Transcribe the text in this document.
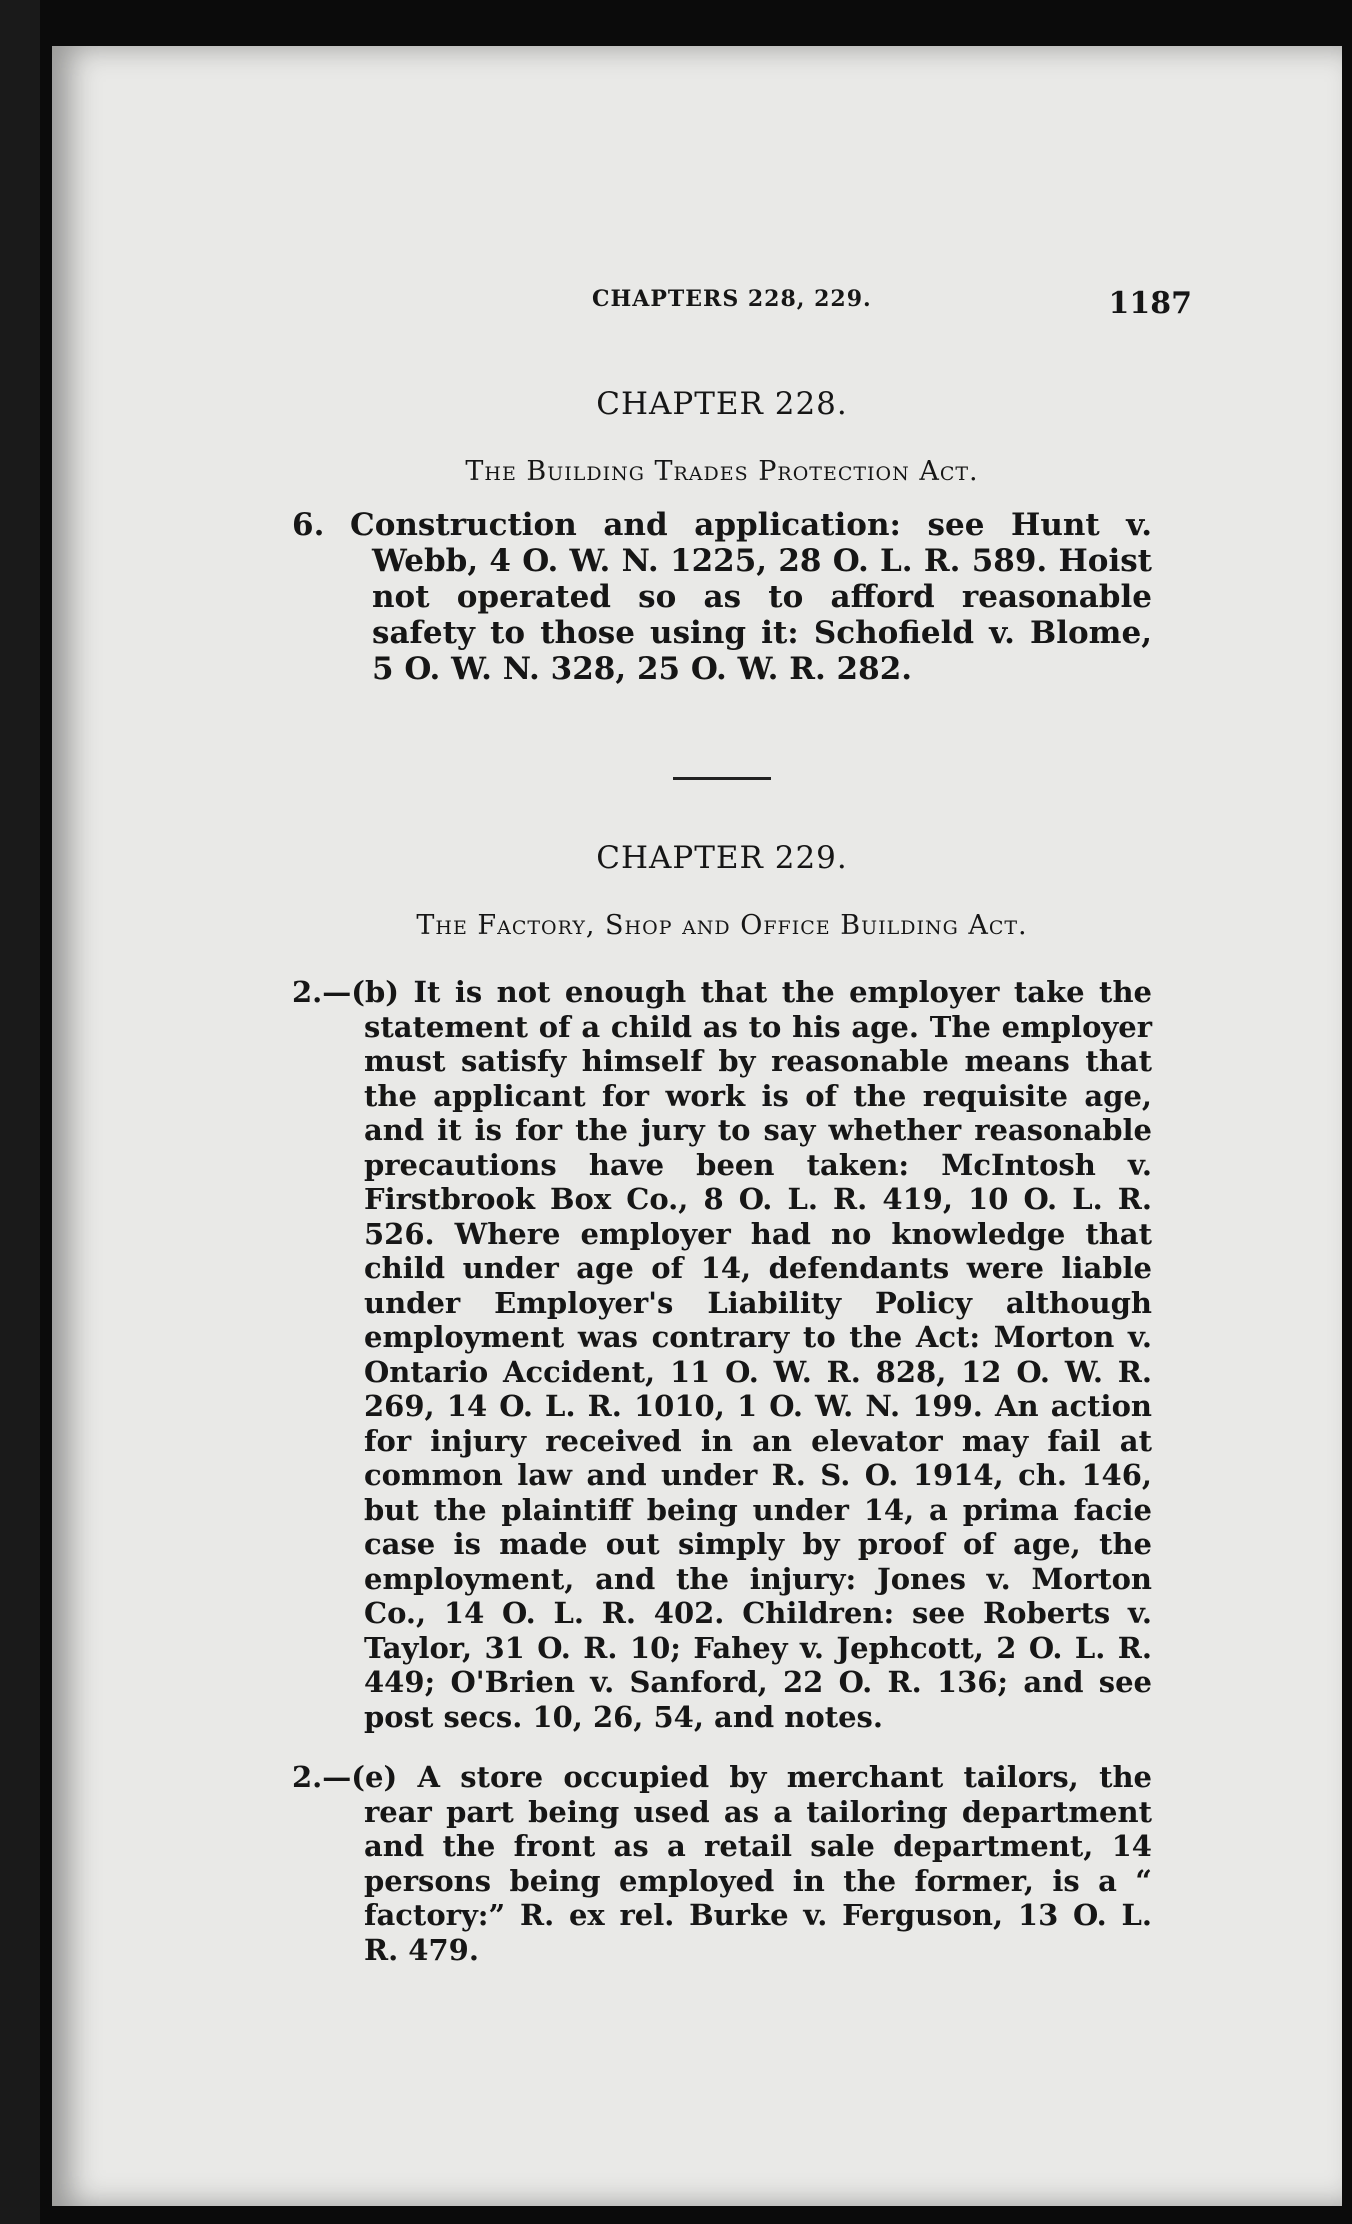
CHAPTERS 228, 229.	1187
CHAPTER 228.
The Building Trades Protection Act.
6. Construction and application: see Hunt v. Webb, 4 O. W. N. 1225, 28 O. L. R. 589. Hoist not operated so as to afford reasonable safety to those using it: Schofield v. Blome, 5 O. W. N. 328, 25 O. W. R. 282.
CHAPTER 229.
The Factory, Shop and Office Building Act.
2.—(b) It is not enough that the employer take the statement of a child as to his age. The employer must satisfy himself by reasonable means that the applicant for work is of the requisite age, and it is for the jury to say whether reasonable precautions have been taken: McIntosh v. Firstbrook Box Co., 8 O. L. R. 419, 10 O. L. R. 526. Where employer had no knowledge that child under age of 14, defendants were liable under Employer's Liability Policy although employment was contrary to the Act: Morton v. Ontario Accident, 11 O. W. R. 828, 12 O. W. R. 269, 14 O. L. R. 1010, 1 O. W. N. 199. An action for injury received in an elevator may fail at common law and under R. S. O. 1914, ch. 146, but the plaintiff being under 14, a prima facie case is made out simply by proof of age, the employment, and the injury: Jones v. Morton Co., 14 O. L. R. 402. Children: see Roberts v. Taylor, 31 O. R. 10; Fahey v. Jephcott, 2 O. L. R. 449; O'Brien v. Sanford, 22 O. R. 136; and see post secs. 10, 26, 54, and notes.
2.—(e) A store occupied by merchant tailors, the rear part being used as a tailoring department and the front as a retail sale department, 14 persons being employed in the former, is a “ factory:” R. ex rel. Burke v. Ferguson, 13 O. L. R. 479.
